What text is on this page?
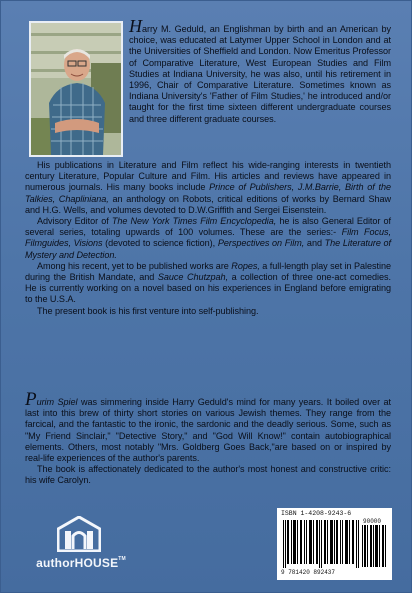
Harry M. Geduld, an Englishman by birth and an American by choice, was educated at Latymer Upper School in London and at the Universities of Sheffield and London. Now Emeritus Professor of Comparative Literature, West European Studies and Film Studies at Indiana University, he was also, until his retirement in 1996, Chair of Comparative Literature. Sometimes known as Indiana University's 'Father of Film Studies,' he introduced and/or taught for the first time sixteen different undergraduate courses and three different graduate courses.

His publications in Literature and Film reflect his wide-ranging interests in twentieth century Literature, Popular Culture and Film. His articles and reviews have appeared in numerous journals. His many books include Prince of Publishers, J.M.Barrie, Birth of the Talkies, Chapliniana, an anthology on Robots, critical editions of works by Bernard Shaw and H.G. Wells, and volumes devoted to D.W.Griffith and Sergei Eisenstein.

Advisory Editor of The New York Times Film Encyclopedia, he is also General Editor of several series, totaling upwards of 100 volumes. These are the series:- Film Focus, Filmguides, Visions (devoted to science fiction), Perspectives on Film, and The Literature of Mystery and Detection.

Among his recent, yet to be published works are Ropes, a full-length play set in Palestine during the British Mandate, and Sauce Chutzpah, a collection of three one-act comedies. He is currently working on a novel based on his experiences in England before emigrating to the U.S.A.

The present book is his first venture into self-publishing.

Purim Spiel was simmering inside Harry Geduld's mind for many years. It boiled over at last into this brew of thirty short stories on various Jewish themes. They range from the farcical, and the fantastic to the ironic, the sardonic and the deadly serious. Some, such as "My Friend Sinclair," "Detective Story," and "God Will Know!" contain autobiographical elements. Others, most notably "Mrs. Goldberg Goes Back,"are based on or inspired by real-life experiences of the author's parents.

The book is affectionately dedicated to the author's most honest and constructive critic: his wife Carolyn.

authorHOUSE™
ISBN 1-4208-9243-6
90000
9 781420 892437
